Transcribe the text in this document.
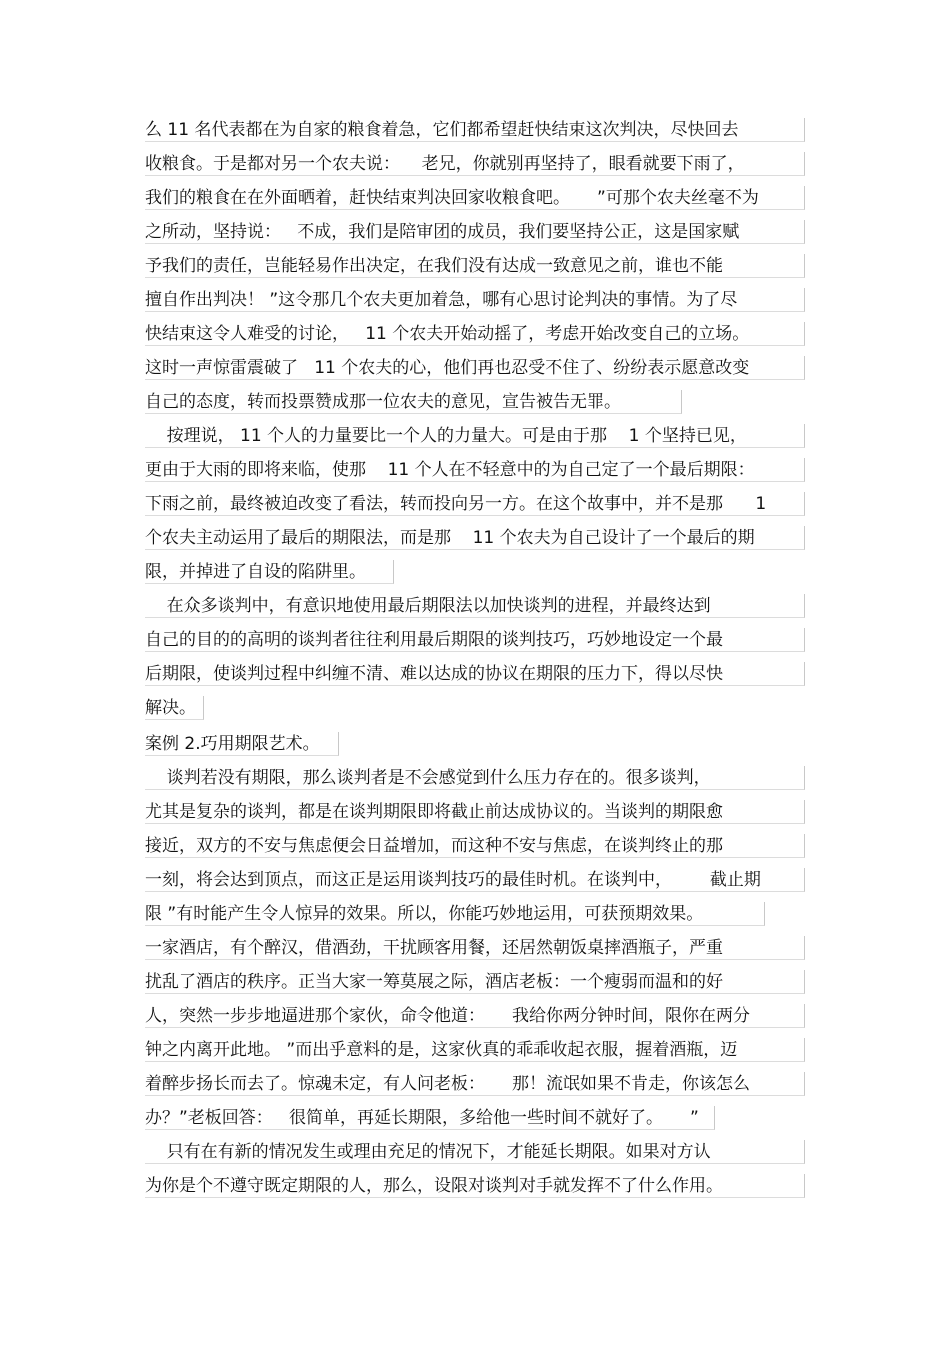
么 11 名代表都在为自家的粮食着急，它们都希望赶快结束这次判决，尽快回去
收粮食。于是都对另一个农夫说：    老兄，你就别再坚持了，眼看就要下雨了，
我们的粮食在在外面晒着，赶快结束判决回家收粮食吧。     ”可那个农夫丝毫不为
之所动，坚持说：   不成，我们是陪审团的成员，我们要坚持公正，这是国家赋
予我们的责任，岂能轻易作出决定，在我们没有达成一致意见之前，谁也不能
擅自作出判决！ ”这令那几个农夫更加着急，哪有心思讨论判决的事情。为了尽
快结束这令人难受的讨论，   11 个农夫开始动摇了，考虑开始改变自己的立场。
这时一声惊雷震破了   11 个农夫的心，他们再也忍受不住了、纷纷表示愿意改变
自己的态度，转而投票赞成那一位农夫的意见，宣告被告无罪。
按理说， 11 个人的力量要比一个人的力量大。可是由于那    1 个坚持已见，
更由于大雨的即将来临，使那    11 个人在不轻意中的为自己定了一个最后期限：
下雨之前，最终被迫改变了看法，转而投向另一方。在这个故事中，并不是那      1
个农夫主动运用了最后的期限法，而是那    11 个农夫为自己设计了一个最后的期
限，并掉进了自设的陷阱里。
在众多谈判中，有意识地使用最后期限法以加快谈判的进程，并最终达到
自己的目的的高明的谈判者往往利用最后期限的谈判技巧，巧妙地设定一个最
后期限，使谈判过程中纠缠不清、难以达成的协议在期限的压力下，得以尽快
解决。
案例 2.巧用期限艺术。
谈判若没有期限，那么谈判者是不会感觉到什么压力存在的。很多谈判，
尤其是复杂的谈判，都是在谈判期限即将截止前达成协议的。当谈判的期限愈
接近，双方的不安与焦虑便会日益增加，而这种不安与焦虑，在谈判终止的那
一刻，将会达到顶点，而这正是运用谈判技巧的最佳时机。在谈判中，       截止期
限 ”有时能产生令人惊异的效果。所以，你能巧妙地运用，可获预期效果。
一家酒店，有个醉汉，借酒劲，干扰顾客用餐，还居然朝饭桌摔酒瓶子，严重
扰乱了酒店的秩序。正当大家一筹莫展之际，酒店老板：一个瘦弱而温和的好
人，突然一步步地逼进那个家伙，命令他道：     我给你两分钟时间，限你在两分
钟之内离开此地。 ”而出乎意料的是，这家伙真的乖乖收起衣服，握着酒瓶，迈
着醉步扬长而去了。惊魂未定，有人问老板：     那！流氓如果不肯走，你该怎么
办？”老板回答：   很简单，再延长期限，多给他一些时间不就好了。     ”
只有在有新的情况发生或理由充足的情况下，才能延长期限。如果对方认
为你是个不遵守既定期限的人，那么，设限对谈判对手就发挥不了什么作用。
